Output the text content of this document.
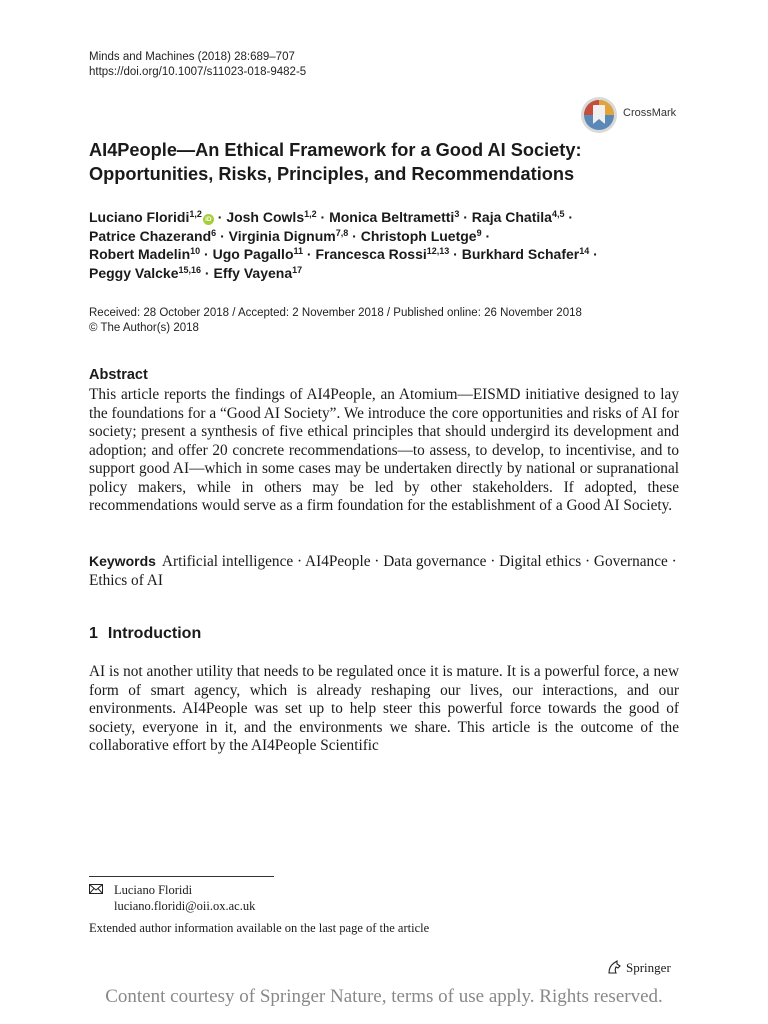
Minds and Machines (2018) 28:689–707
https://doi.org/10.1007/s11023-018-9482-5
CrossMark
AI4People—An Ethical Framework for a Good AI Society:
Opportunities, Risks, Principles, and Recommendations
Luciano Floridi$^{1,2}$iD · Josh Cowls$^{1,2}$ · Monica Beltrametti$^3$ · Raja Chatila$^{4,5}$ ·
Patrice Chazerand$^6$ · Virginia Dignum$^{7,8}$ · Christoph Luetge$^9$ ·
Robert Madelin$^{10}$ · Ugo Pagallo$^{11}$ · Francesca Rossi$^{12,13}$ · Burkhard Schafer$^{14}$ ·
Peggy Valcke$^{15,16}$ · Effy Vayena$^{17}$
Received: 28 October 2018 / Accepted: 2 November 2018 / Published online: 26 November 2018
© The Author(s) 2018
Abstract
This article reports the findings of AI4People, an Atomium—EISMD initiative designed to lay the foundations for a “Good AI Society”. We introduce the core opportunities and risks of AI for society; present a synthesis of five ethical principles that should undergird its development and adoption; and offer 20 concrete recommendations—to assess, to develop, to incentivise, and to support good AI—which in some cases may be undertaken directly by national or supranational policy makers, while in others may be led by other stakeholders. If adopted, these recommendations would serve as a firm foundation for the establishment of a Good AI Society.
Keywords Artificial intelligence · AI4People · Data governance · Digital ethics · Governance · Ethics of AI
1 Introduction
AI is not another utility that needs to be regulated once it is mature. It is a powerful force, a new form of smart agency, which is already reshaping our lives, our interactions, and our environments. AI4People was set up to help steer this powerful force towards the good of society, everyone in it, and the environments we share. This article is the outcome of the collaborative effort by the AI4People Scientific
Luciano Floridi
luciano.floridi@oii.ox.ac.uk
Extended author information available on the last page of the article
Springer
Content courtesy of Springer Nature, terms of use apply. Rights reserved.
